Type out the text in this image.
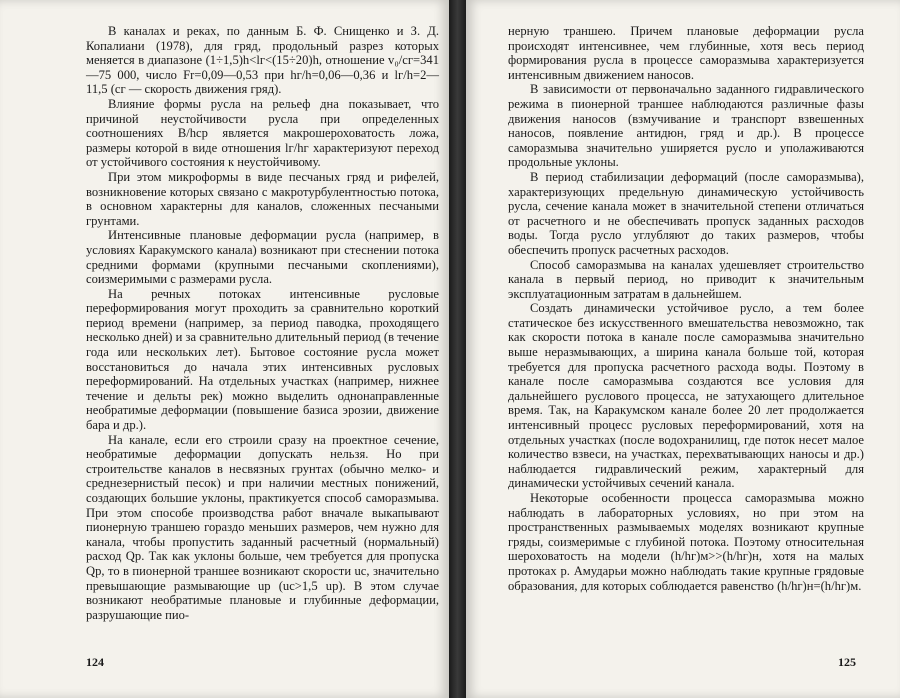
В каналах и реках, по данным Б. Ф. Снищенко и З. Д. Копалиани (1978), для гряд, продольный разрез которых меняется в диапазоне (1÷1,5)h<lг<(15÷20)h, отношение v₀/cг=341—75 000, число Fr=0,09—0,53 при hг/h=0,06—0,36 и lг/h=2—11,5 (cг — скорость движения гряд).

Влияние формы русла на рельеф дна показывает, что причиной неустойчивости русла при определенных соотношениях B/hср является макрошероховатость ложа, размеры которой в виде отношения lг/hг характеризуют переход от устойчивого состояния к неустойчивому.

При этом микроформы в виде песчаных гряд и рифелей, возникновение которых связано с макротурбулентностью потока, в основном характерны для каналов, сложенных песчаными грунтами.

Интенсивные плановые деформации русла (например, в условиях Каракумского канала) возникают при стеснении потока средними формами (крупными песчаными скоплениями), соизмеримыми с размерами русла.

На речных потоках интенсивные русловые переформирования могут проходить за сравнительно короткий период времени (например, за период паводка, проходящего несколько дней) и за сравнительно длительный период (в течение года или нескольких лет). Бытовое состояние русла может восстановиться до начала этих интенсивных русловых переформирований. На отдельных участках (например, нижнее течение и дельты рек) можно выделить однонаправленные необратимые деформации (повышение базиса эрозии, движение бара и др.).

На канале, если его строили сразу на проектное сечение, необратимые деформации допускать нельзя. Но при строительстве каналов в несвязных грунтах (обычно мелко- и среднезернистый песок) и при наличии местных понижений, создающих большие уклоны, практикуется способ саморазмыва. При этом способе производства работ вначале выкапывают пионерную траншею гораздо меньших размеров, чем нужно для канала, чтобы пропустить заданный расчетный (нормальный) расход Qр. Так как уклоны больше, чем требуется для пропуска Qр, то в пионерной траншее возникают скорости uс, значительно превышающие размывающие uр (uс>1,5 uр). В этом случае возникают необратимые плановые и глубинные деформации, разрушающие пио-

124

нерную траншею. Причем плановые деформации русла происходят интенсивнее, чем глубинные, хотя весь период формирования русла в процессе саморазмыва характеризуется интенсивным движением наносов.

В зависимости от первоначально заданного гидравлического режима в пионерной траншее наблюдаются различные фазы движения наносов (взмучивание и транспорт взвешенных наносов, появление антидюн, гряд и др.). В процессе саморазмыва значительно уширяется русло и уполаживаются продольные уклоны.

В период стабилизации деформаций (после саморазмыва), характеризующих предельную динамическую устойчивость русла, сечение канала может в значительной степени отличаться от расчетного и не обеспечивать пропуск заданных расходов воды. Тогда русло углубляют до таких размеров, чтобы обеспечить пропуск расчетных расходов.

Способ саморазмыва на каналах удешевляет строительство канала в первый период, но приводит к значительным эксплуатационным затратам в дальнейшем.

Создать динамически устойчивое русло, а тем более статическое без искусственного вмешательства невозможно, так как скорости потока в канале после саморазмыва значительно выше неразмывающих, а ширина канала больше той, которая требуется для пропуска расчетного расхода воды. Поэтому в канале после саморазмыва создаются все условия для дальнейшего руслового процесса, не затухающего длительное время. Так, на Каракумском канале более 20 лет продолжается интенсивный процесс русловых переформирований, хотя на отдельных участках (после водохранилищ, где поток несет малое количество взвеси, на участках, перехватывающих наносы и др.) наблюдается гидравлический режим, характерный для динамически устойчивых сечений канала.

Некоторые особенности процесса саморазмыва можно наблюдать в лабораторных условиях, но при этом на пространственных размываемых моделях возникают крупные гряды, соизмеримые с глубиной потока. Поэтому относительная шероховатость на модели (h/hг)м>>(h/hг)н, хотя на малых протоках р. Амударьи можно наблюдать такие крупные грядовые образования, для которых соблюдается равенство (h/hг)н=(h/hг)м.

125
